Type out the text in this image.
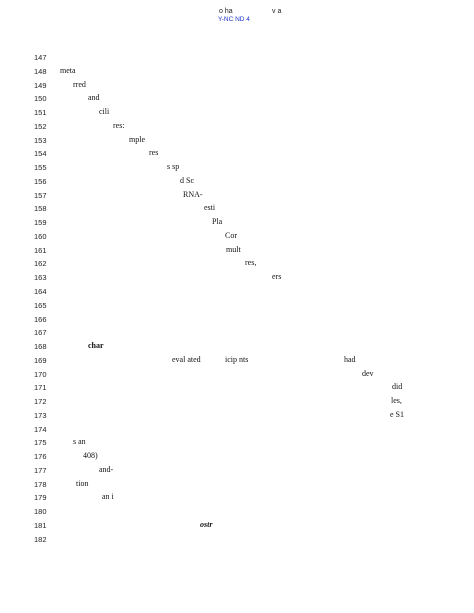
o ha	v a
Y-NC ND 4
147
148
149
150
151
152
153
154
155
156
157
158
159
160
161
162
163
164
165
166
167
168
169
170
171
172
173
174
175
176
177
178
179
180
181
182
meta
rred
and
cili
res:
mple
res
s sp
d Sc
RNA-
esti
Pla
Cor
mult
res,
ers
char
eval ated	icip nts	had
dev
did
les,
e S1
s an
408)
and-
tion
an i
ostr
